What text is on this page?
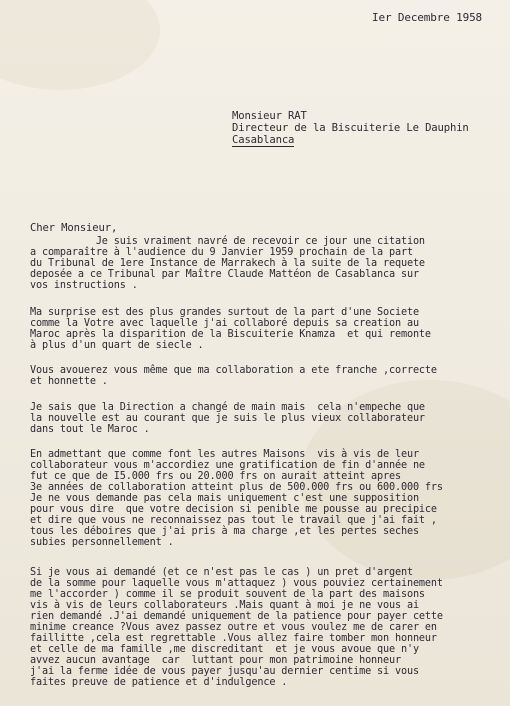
Ier Decembre 1958
Monsieur RAT
Directeur de la Biscuiterie Le Dauphin
Casablanca
Cher Monsieur,
Je suis vraiment navré de recevoir ce jour une citation
a comparaître à l'audience du 9 Janvier 1959 prochain de la part
du Tribunal de 1ere Instance de Marrakech à la suite de la requete
deposée a ce Tribunal par Maître Claude Mattéon de Casablanca sur
vos instructions .
Ma surprise est des plus grandes surtout de la part d'une Societe
comme la Votre avec laquelle j'ai collaboré depuis sa creation au
Maroc après la disparition de la Biscuiterie Knamza  et qui remonte
à plus d'un quart de siecle .
Vous avouerez vous même que ma collaboration a ete franche ,correcte
et honnette .
Je sais que la Direction a changé de main mais  cela n'empeche que
la nouvelle est au courant que je suis le plus vieux collaborateur
dans tout le Maroc .
En admettant que comme font les autres Maisons  vis à vis de leur
collaborateur vous m'accordiez une gratification de fin d'année ne
fut ce que de I5.000 frs ou 20.000 frs on aurait atteint apres
3e années de collaboration atteint plus de 500.000 frs ou 600.000 frs
Je ne vous demande pas cela mais uniquement c'est une supposition
pour vous dire  que votre decision si penible me pousse au precipice
et dire que vous ne reconnaissez pas tout le travail que j'ai fait ,
tous les déboires que j'ai pris à ma charge ,et les pertes seches
subies personnellement .
Si je vous ai demandé (et ce n'est pas le cas ) un pret d'argent
de la somme pour laquelle vous m'attaquez ) vous pouviez certainement
me l'accorder ) comme il se produit souvent de la part des maisons
vis à vis de leurs collaborateurs .Mais quant à moi je ne vous ai
rien demandé .J'ai demandé uniquement de la patience pour payer cette
minime creance ?Vous avez passez outre et vous voulez me de carer en
faillitte ,cela est regrettable .Vous allez faire tomber mon honneur
et celle de ma famille ,me discreditant  et je vous avoue que n'y
avvez aucun avantage  car  luttant pour mon patrimoine honneur
j'ai la ferme idée de vous payer jusqu'au dernier centime si vous
faites preuve de patience et d'indulgence .
